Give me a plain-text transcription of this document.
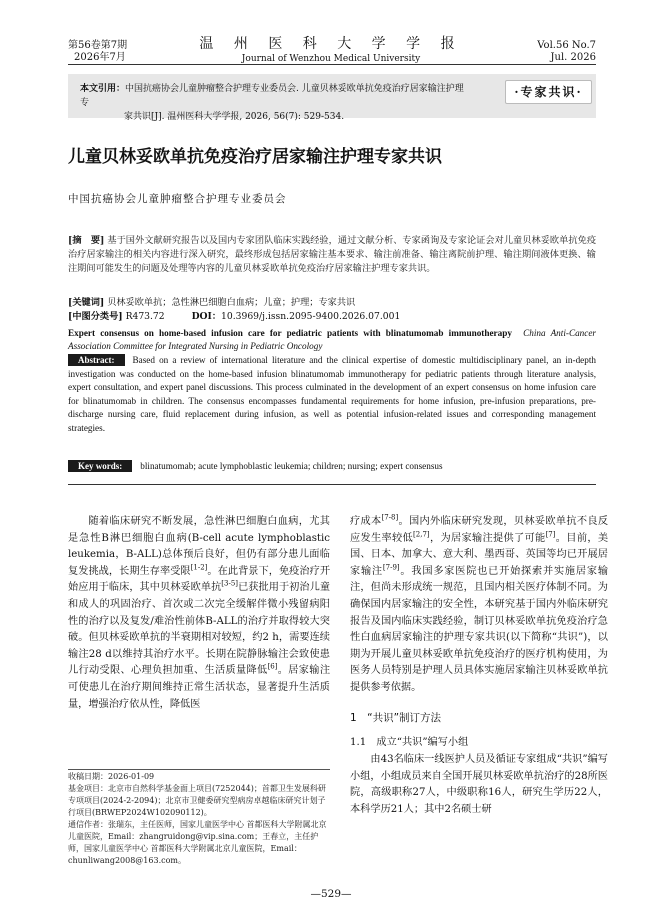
第56卷第7期
2026年7月
温 州 医 科 大 学 学 报
Journal of Wenzhou Medical University
Vol.56 No.7
Jul. 2026
本文引用：中国抗癌协会儿童肿瘤整合护理专业委员会. 儿童贝林妥欧单抗免疫治疗居家输注护理专
家共识[J]. 温州医科大学学报, 2026, 56(7): 529-534.
·专家共识·
儿童贝林妥欧单抗免疫治疗居家输注护理专家共识
中国抗癌协会儿童肿瘤整合护理专业委员会
[摘　要] 基于国外文献研究报告以及国内专家团队临床实践经验，通过文献分析、专家函询及专家论证会对儿童贝林妥欧单抗免疫治疗居家输注的相关内容进行深入研究，最终形成包括居家输注基本要求、输注前准备、输注离院前护理、输注期间液体更换、输注期间可能发生的问题及处理等内容的儿童贝林妥欧单抗免疫治疗居家输注护理专家共识。
[关键词] 贝林妥欧单抗；急性淋巴细胞白血病；儿童；护理；专家共识
[中图分类号] R473.72	DOI：10.3969/j.issn.2095-9400.2026.07.001
Expert consensus on home-based infusion care for pediatric patients with blinatumomab immunotherapy China Anti-Cancer Association Committee for Integrated Nursing in Pediatric Oncology
Abstract: Based on a review of international literature and the clinical expertise of domestic multidisciplinary panel, an in-depth investigation was conducted on the home-based infusion blinatumomab immunotherapy for pediatric patients through literature analysis, expert consultation, and expert panel discussions. This process culminated in the development of an expert consensus on home infusion care for blinatumomab in children. The consensus encompasses fundamental requirements for home infusion, pre-infusion preparations, pre-discharge nursing care, fluid replacement during infusion, as well as potential infusion-related issues and corresponding management strategies.
Key words: blinatumomab; acute lymphoblastic leukemia; children; nursing; expert consensus

随着临床研究不断发展，急性淋巴细胞白血病，尤其是急性B淋巴细胞白血病(B-cell acute lymphoblastic leukemia，B-ALL)总体预后良好，但仍有部分患儿面临复发挑战，长期生存率受限[1-2]。在此背景下，免疫治疗开始应用于临床，其中贝林妥欧单抗[3-5]已获批用于初治儿童和成人的巩固治疗、首次或二次完全缓解伴微小残留病阳性的治疗以及复发/难治性前体B-ALL的治疗并取得较大突破。但贝林妥欧单抗的半衰期相对较短，约2 h，需要连续输注28 d以维持其治疗水平。长期在院静脉输注会致使患儿行动受限、心理负担加重、生活质量降低[6]。居家输注可使患儿在治疗期间维持正常生活状态，显著提升生活质量，增强治疗依从性，降低医

收稿日期：2026-01-09

基金项目：北京市自然科学基金面上项目(7252044)；首都卫生发展科研专项项目(2024-2-2094)；北京市卫健委研究型病房卓越临床研究计划子行项目(BRWEP2024W102090112)。

通信作者：张瑞东，主任医师，国家儿童医学中心 首都医科大学附属北京儿童医院，Email：zhangruidong@vip.sina.com；王春立，主任护师，国家儿童医学中心 首都医科大学附属北京儿童医院，Email：chunliwang2008@163.com。

疗成本[7-8]。国内外临床研究发现，贝林妥欧单抗不良反应发生率较低[2,7]，为居家输注提供了可能[7]。目前，美国、日本、加拿大、意大利、墨西哥、英国等均已开展居家输注[7-9]。我国多家医院也已开始探索并实施居家输注，但尚未形成统一规范，且国内相关医疗体制不同。为确保国内居家输注的安全性，本研究基于国内外临床研究报告及国内临床实践经验，制订贝林妥欧单抗免疫治疗急性白血病居家输注的护理专家共识(以下简称“共识”)，以期为开展儿童贝林妥欧单抗免疫治疗的医疗机构使用，为医务人员特别是护理人员具体实施居家输注贝林妥欧单抗提供参考依据。

1　“共识”制订方法
1.1　成立“共识”编写小组

由43名临床一线医护人员及循证专家组成“共识”编写小组，小组成员来自全国开展贝林妥欧单抗治疗的28所医院，高级职称27人，中级职称16人，研究生学历22人，本科学历21人；其中2名硕士研

—529—
